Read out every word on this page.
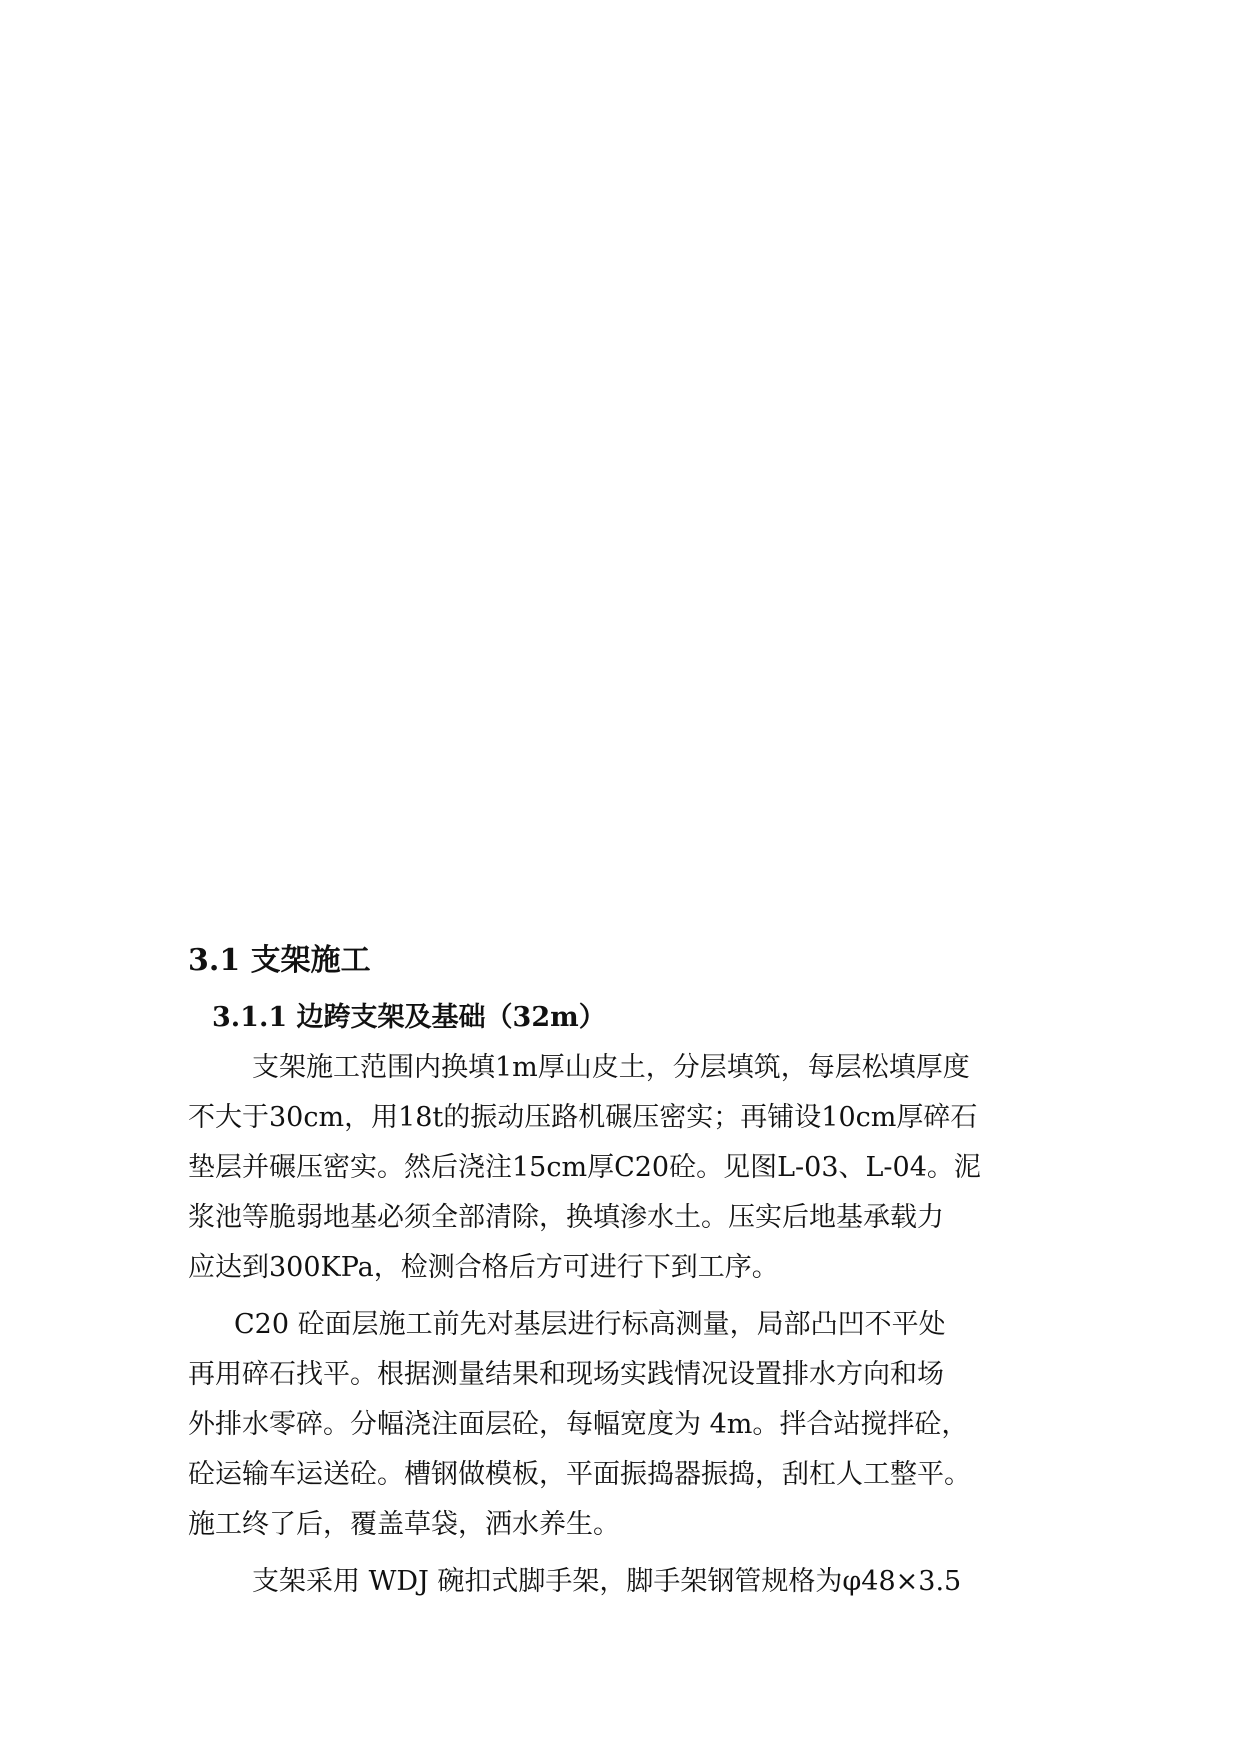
3.1 支架施工
3.1.1 边跨支架及基础（32m）
支架施工范围内换填1m厚山皮土，分层填筑，每层松填厚度
不大于30cm，用18t的振动压路机碾压密实；再铺设10cm厚碎石
垫层并碾压密实。然后浇注15cm厚C20砼。见图L-03、L-04。泥
浆池等脆弱地基必须全部清除，换填渗水土。压实后地基承载力
应达到300KPa，检测合格后方可进行下到工序。
C20 砼面层施工前先对基层进行标高测量，局部凸凹不平处
再用碎石找平。根据测量结果和现场实践情况设置排水方向和场
外排水零碎。分幅浇注面层砼，每幅宽度为 4m。拌合站搅拌砼，
砼运输车运送砼。槽钢做模板，平面振捣器振捣，刮杠人工整平。
施工终了后，覆盖草袋，洒水养生。
支架采用 WDJ 碗扣式脚手架，脚手架钢管规格为φ48×3.5
